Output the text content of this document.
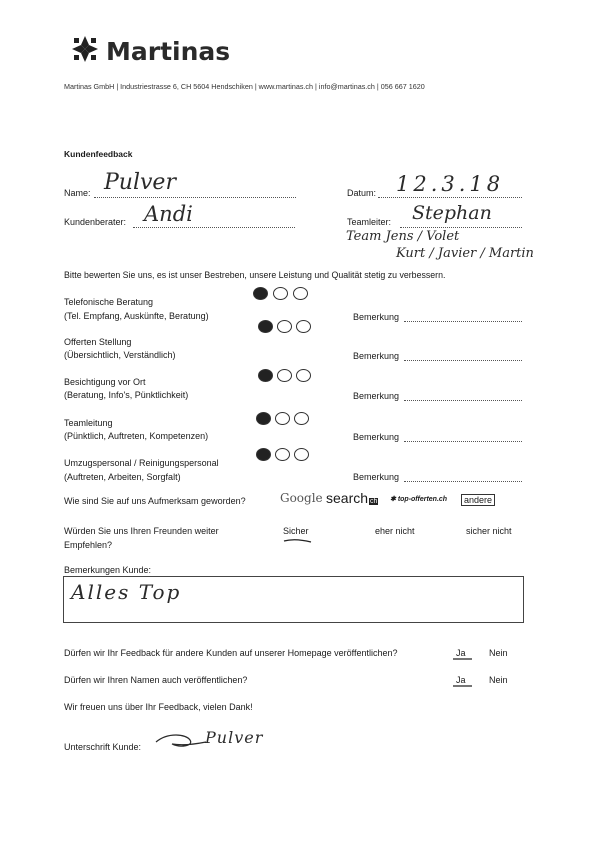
Martinas
Martinas GmbH | Industriestrasse 6, CH 5604 Hendschiken | www.martinas.ch | info@martinas.ch | 056 667 1620
Kundenfeedback
Name: Pulver	Datum: 12.3.18
Kundenberater: Andi	Teamleiter: Stephan
Team Jens / Volet
Kurt / Javier / Martin
Bitte bewerten Sie uns, es ist unser Bestreben, unsere Leistung und Qualität stetig zu verbessern.
Telefonische Beratung
(Tel. Empfang, Auskünfte, Beratung)	Bemerkung
Offerten Stellung
(Übersichtlich, Verständlich)	Bemerkung
Besichtigung vor Ort
(Beratung, Info's, Pünktlichkeit)	Bemerkung
Teamleitung
(Pünktlich, Auftreten, Kompetenzen)	Bemerkung
Umzugspersonal / Reinigungspersonal
(Auftreten, Arbeiten, Sorgfalt)	Bemerkung
Wie sind Sie auf uns Aufmerksam geworden?	Google search ch ✱ top-offerten.ch	andere
Würden Sie uns Ihren Freunden weiter
Empfehlen?
Sicher	eher nicht	sicher nicht
Bemerkungen Kunde:
Alles Top
Dürfen wir Ihr Feedback für andere Kunden auf unserer Homepage veröffentlichen?	Ja	Nein
Dürfen wir Ihren Namen auch veröffentlichen?	Ja	Nein
Wir freuen uns über Ihr Feedback, vielen Dank!
Unterschrift Kunde:	Pulver
